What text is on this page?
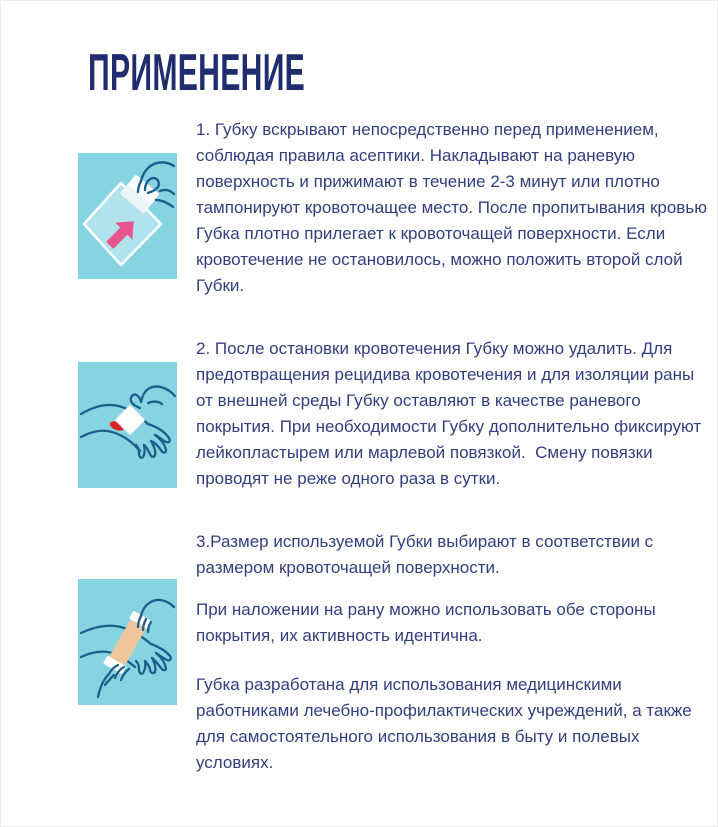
ПРИМЕНЕНИЕ

1. Губку вскрывают непосредственно перед применением, соблюдая правила асептики. Накладывают на раневую поверхность и прижимают в течение 2-3 минут или плотно тампонируют кровоточащее место. После пропитывания кровью Губка плотно прилегает к кровоточащей поверхности. Если кровотечение не остановилось, можно положить второй слой Губки.

2. После остановки кровотечения Губку можно удалить. Для предотвращения рецидива кровотечения и для изоляции раны от внешней среды Губку оставляют в качестве раневого покрытия. При необходимости Губку дополнительно фиксируют лейкопластырем или марлевой повязкой.  Смену повязки проводят не реже одного раза в сутки.

3.Размер используемой Губки выбирают в соответствии с размером кровоточащей поверхности.

При наложении на рану можно использовать обе стороны покрытия, их активность идентична.

Губка разработана для использования медицинскими работниками лечебно-профилактических учреждений, а также для самостоятельного использования в быту и полевых условиях.
